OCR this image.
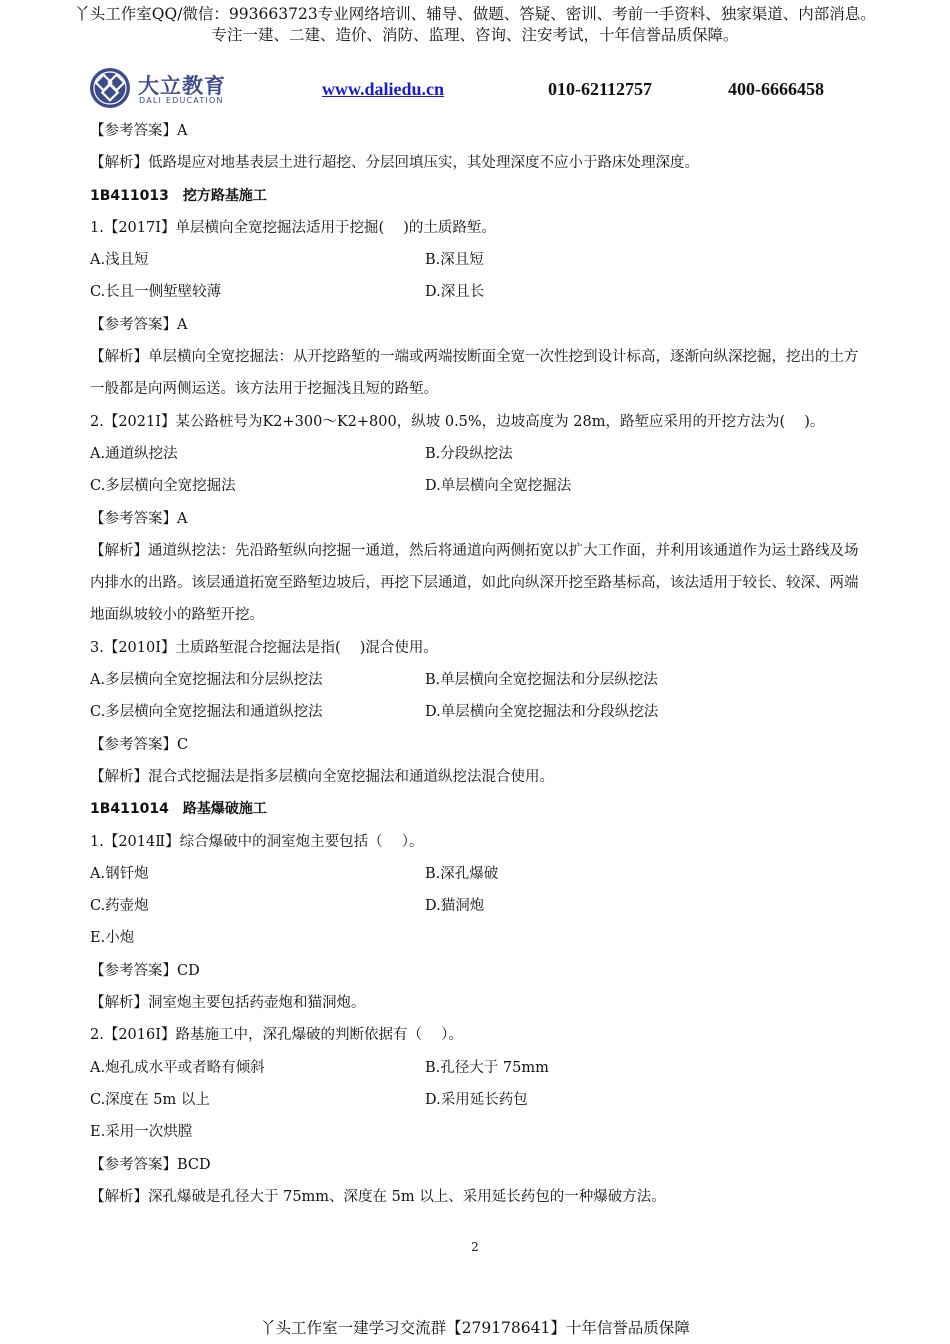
丫头工作室QQ/微信：993663723专业网络培训、辅导、做题、答疑、密训、考前一手资料、独家渠道、内部消息。
专注一建、二建、造价、消防、监理、咨询、注安考试，十年信誉品质保障。
大立教育
DALI EDUCATION
www.daliedu.cn	010-62112757	400-6666458
【参考答案】A
【解析】低路堤应对地基表层土进行超挖、分层回填压实，其处理深度不应小于路床处理深度。
1B411013 挖方路基施工
1.【2017Ⅰ】单层横向全宽挖掘法适用于挖掘(　 )的土质路堑。
A.浅且短	B.深且短
C.长且一侧堑壁较薄	D.深且长
【参考答案】A
【解析】单层横向全宽挖掘法：从开挖路堑的一端或两端按断面全宽一次性挖到设计标高，逐渐向纵深挖掘，挖出的土方一般都是向两侧运送。该方法用于挖掘浅且短的路堑。
2.【2021Ⅰ】某公路桩号为K2+300～K2+800，纵坡 0.5%，边坡高度为 28m，路堑应采用的开挖方法为(　 )。
A.通道纵挖法	B.分段纵挖法
C.多层横向全宽挖掘法	D.单层横向全宽挖掘法
【参考答案】A
【解析】通道纵挖法：先沿路堑纵向挖掘一通道，然后将通道向两侧拓宽以扩大工作面，并利用该通道作为运土路线及场内排水的出路。该层通道拓宽至路堑边坡后，再挖下层通道，如此向纵深开挖至路基标高，该法适用于较长、较深、两端地面纵坡较小的路堑开挖。
3.【2010Ⅰ】土质路堑混合挖掘法是指(　 )混合使用。
A.多层横向全宽挖掘法和分层纵挖法	B.单层横向全宽挖掘法和分层纵挖法
C.多层横向全宽挖掘法和通道纵挖法	D.单层横向全宽挖掘法和分段纵挖法
【参考答案】C
【解析】混合式挖掘法是指多层横向全宽挖掘法和通道纵挖法混合使用。
1B411014 路基爆破施工
1.【2014Ⅱ】综合爆破中的洞室炮主要包括（　 ）。
A.钢钎炮	B.深孔爆破
C.药壶炮	D.猫洞炮
E.小炮
【参考答案】CD
【解析】洞室炮主要包括药壶炮和猫洞炮。
2.【2016Ⅰ】路基施工中，深孔爆破的判断依据有（　 ）。
A.炮孔成水平或者略有倾斜	B.孔径大于 75mm
C.深度在 5m 以上	D.采用延长药包
E.采用一次烘膛
【参考答案】BCD
【解析】深孔爆破是孔径大于 75mm、深度在 5m 以上、采用延长药包的一种爆破方法。
2
丫头工作室一建学习交流群【279178641】十年信誉品质保障
